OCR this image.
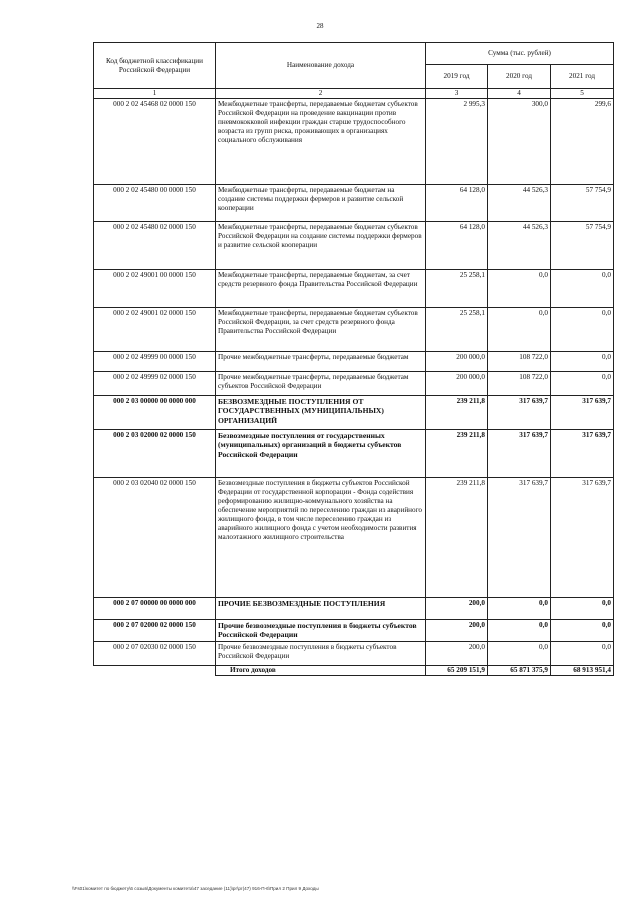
28
Код бюджетной классификации Российской Федерации	Наименование дохода	Сумма (тыс. рублей)		
		2019 год	2020 год	2021 год
1	2	3	4	5
000 2 02 45468 02 0000 150	Межбюджетные трансферты, передаваемые бюджетам субъектов Российской Федерации на проведение вакцинации против пневмококковой инфекции граждан старше трудоспособного возраста из групп риска, проживающих в организациях социального обслуживания	2 995,3	300,0	299,6
000 2 02 45480 00 0000 150	Межбюджетные трансферты, передаваемые бюджетам на создание системы поддержки фермеров и развитие сельской кооперации	64 128,0	44 526,3	57 754,9
000 2 02 45480 02 0000 150	Межбюджетные трансферты, передаваемые бюджетам субъектов Российской Федерации на создание системы поддержки фермеров и развитие сельской кооперации	64 128,0	44 526,3	57 754,9
000 2 02 49001 00 0000 150	Межбюджетные трансферты, передаваемые бюджетам, за счет средств резервного фонда Правительства Российской Федерации	25 258,1	0,0	0,0
000 2 02 49001 02 0000 150	Межбюджетные трансферты, передаваемые бюджетам субъектов Российской Федерации, за счет средств резервного фонда Правительства Российской Федерации	25 258,1	0,0	0,0
000 2 02 49999 00 0000 150	Прочие межбюджетные трансферты, передаваемые бюджетам	200 000,0	108 722,0	0,0
000 2 02 49999 02 0000 150	Прочие межбюджетные трансферты, передаваемые бюджетам субъектов Российской Федерации	200 000,0	108 722,0	0,0
000 2 03 00000 00 0000 000	БЕЗВОЗМЕЗДНЫЕ ПОСТУПЛЕНИЯ ОТ ГОСУДАРСТВЕННЫХ (МУНИЦИПАЛЬНЫХ) ОРГАНИЗАЦИЙ	239 211,8	317 639,7	317 639,7
000 2 03 02000 02 0000 150	Безвозмездные поступления от государственных (муниципальных) организаций в бюджеты субъектов Российской Федерации	239 211,8	317 639,7	317 639,7
000 2 03 02040 02 0000 150	Безвозмездные поступления в бюджеты субъектов Российской Федерации от государственной корпорации - Фонда содействия реформированию жилищно-коммунального хозяйства на обеспечение мероприятий по переселению граждан из аварийного жилищного фонда, в том числе переселению граждан из аварийного жилищного фонда с учетом необходимости развития малоэтажного жилищного строительства	239 211,8	317 639,7	317 639,7
000 2 07 00000 00 0000 000	ПРОЧИЕ БЕЗВОЗМЕЗДНЫЕ ПОСТУПЛЕНИЯ	200,0	0,0	0,0
000 2 07 02000 02 0000 150	Прочие безвозмездные поступления в бюджеты субъектов Российской Федерации	200,0	0,0	0,0
000 2 07 02030 02 0000 150	Прочие безвозмездные поступления в бюджеты субъектов Российской Федерации	200,0	0,0	0,0
	Итого доходов	65 209 151,9	65 871 375,9	68 913 951,4
\\Fs01\комитет по бюджету\6 созыв\Документы комитета\47 заседание (11)\рг\рг(47) 916-П-6\Прил 2 Прил 9 Доходы
